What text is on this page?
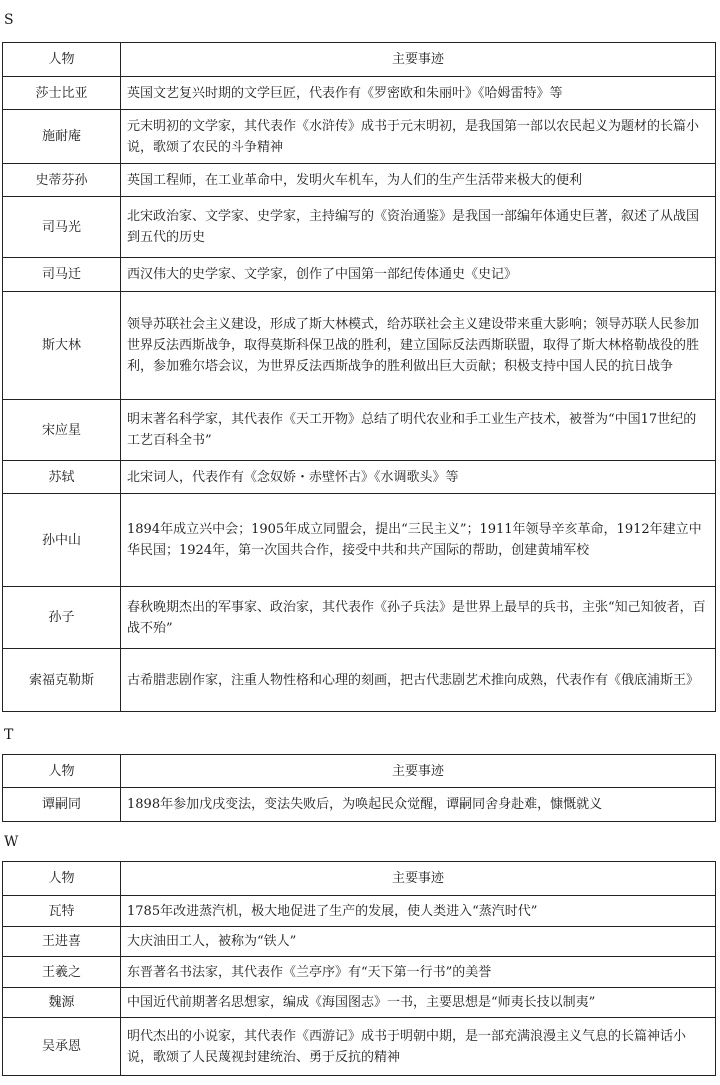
S
人物	主要事迹
莎士比亚	英国文艺复兴时期的文学巨匠，代表作有《罗密欧和朱丽叶》《哈姆雷特》等
施耐庵	元末明初的文学家，其代表作《水浒传》成书于元末明初，是我国第一部以农民起义为题材的长篇小说，歌颂了农民的斗争精神
史蒂芬孙	英国工程师，在工业革命中，发明火车机车，为人们的生产生活带来极大的便利
司马光	北宋政治家、文学家、史学家，主持编写的《资治通鉴》是我国一部编年体通史巨著，叙述了从战国到五代的历史
司马迁	西汉伟大的史学家、文学家，创作了中国第一部纪传体通史《史记》
斯大林	领导苏联社会主义建设，形成了斯大林模式，给苏联社会主义建设带来重大影响；领导苏联人民参加世界反法西斯战争，取得莫斯科保卫战的胜利，建立国际反法西斯联盟，取得了斯大林格勒战役的胜利，参加雅尔塔会议，为世界反法西斯战争的胜利做出巨大贡献；积极支持中国人民的抗日战争
宋应星	明末著名科学家，其代表作《天工开物》总结了明代农业和手工业生产技术，被誉为“中国17世纪的工艺百科全书”
苏轼	北宋词人，代表作有《念奴娇・赤壁怀古》《水调歌头》等
孙中山	1894年成立兴中会；1905年成立同盟会，提出“三民主义”；1911年领导辛亥革命，1912年建立中华民国；1924年，第一次国共合作，接受中共和共产国际的帮助，创建黄埔军校
孙子	春秋晚期杰出的军事家、政治家，其代表作《孙子兵法》是世界上最早的兵书，主张“知己知彼者，百战不殆”
索福克勒斯	古希腊悲剧作家，注重人物性格和心理的刻画，把古代悲剧艺术推向成熟，代表作有《俄底浦斯王》
T
人物	主要事迹
谭嗣同	1898年参加戊戌变法，变法失败后，为唤起民众觉醒，谭嗣同舍身赴难，慷慨就义
W
人物	主要事迹
瓦特	1785年改进蒸汽机，极大地促进了生产的发展，使人类进入“蒸汽时代”
王进喜	大庆油田工人，被称为“铁人”
王羲之	东晋著名书法家，其代表作《兰亭序》有“天下第一行书”的美誉
魏源	中国近代前期著名思想家，编成《海国图志》一书，主要思想是“师夷长技以制夷”
吴承恩	明代杰出的小说家，其代表作《西游记》成书于明朝中期，是一部充满浪漫主义气息的长篇神话小说，歌颂了人民蔑视封建统治、勇于反抗的精神
